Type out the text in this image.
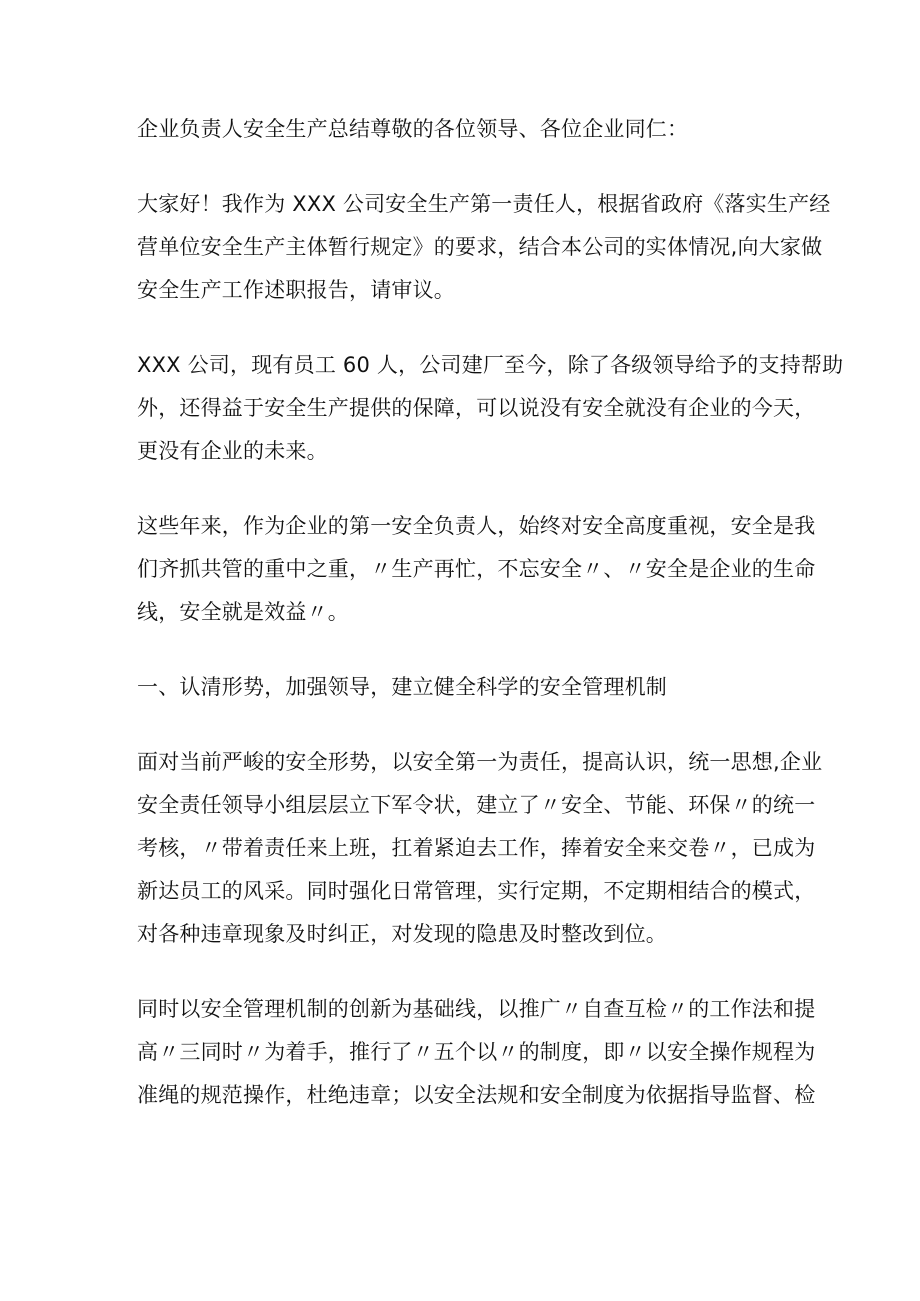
企业负责人安全生产总结尊敬的各位领导、各位企业同仁：

大家好！我作为 XXX 公司安全生产第一责任人，根据省政府《落实生产经
营单位安全生产主体暂行规定》的要求，结合本公司的实体情况,向大家做
安全生产工作述职报告，请审议。

XXX 公司，现有员工 60 人，公司建厂至今，除了各级领导给予的支持帮助
外，还得益于安全生产提供的保障，可以说没有安全就没有企业的今天，
更没有企业的未来。

这些年来，作为企业的第一安全负责人，始终对安全高度重视，安全是我
们齐抓共管的重中之重，〃生产再忙，不忘安全〃、〃安全是企业的生命
线，安全就是效益〃。

一、认清形势，加强领导，建立健全科学的安全管理机制

面对当前严峻的安全形势，以安全第一为责任，提高认识，统一思想,企业
安全责任领导小组层层立下军令状，建立了〃安全、节能、环保〃的统一
考核，〃带着责任来上班，扛着紧迫去工作，捧着安全来交卷〃，已成为
新达员工的风采。同时强化日常管理，实行定期，不定期相结合的模式，
对各种违章现象及时纠正，对发现的隐患及时整改到位。

同时以安全管理机制的创新为基础线，以推广〃自查互检〃的工作法和提
高〃三同时〃为着手，推行了〃五个以〃的制度，即〃以安全操作规程为
准绳的规范操作，杜绝违章；以安全法规和安全制度为依据指导监督、检
